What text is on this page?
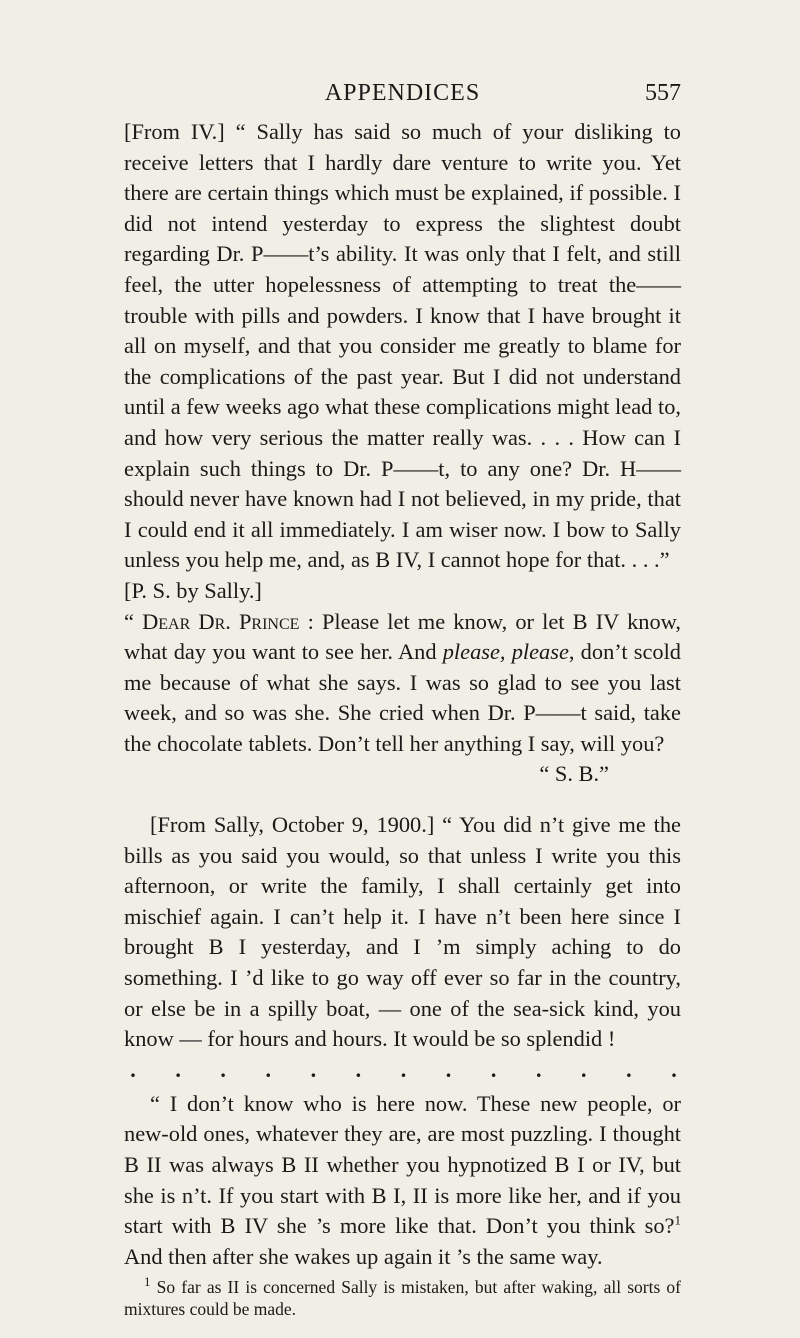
APPENDICES	557

[From IV.] “ Sally has said so much of your disliking to receive letters that I hardly dare venture to write you. Yet there are certain things which must be explained, if possible. I did not intend yesterday to express the slightest doubt regarding Dr. P——t’s ability. It was only that I felt, and still feel, the utter hopelessness of attempting to treat the—— trouble with pills and powders. I know that I have brought it all on myself, and that you consider me greatly to blame for the complications of the past year. But I did not understand until a few weeks ago what these complications might lead to, and how very serious the matter really was. . . . How can I explain such things to Dr. P——t, to any one? Dr. H—— should never have known had I not believed, in my pride, that I could end it all immediately. I am wiser now. I bow to Sally unless you help me, and, as B IV, I cannot hope for that. . . .”

[P. S. by Sally.]

“ Dear Dr. Prince : Please let me know, or let B IV know, what day you want to see her. And please, please, don’t scold me because of what she says. I was so glad to see you last week, and so was she. She cried when Dr. P——t said, take the chocolate tablets. Don’t tell her anything I say, will you?

“ S. B.”

[From Sally, October 9, 1900.] “ You did n’t give me the bills as you said you would, so that unless I write you this afternoon, or write the family, I shall certainly get into mischief again. I can’t help it. I have n’t been here since I brought B I yesterday, and I ’m simply aching to do something. I ’d like to go way off ever so far in the country, or else be in a spilly boat, — one of the sea-sick kind, you know — for hours and hours. It would be so splendid !

. . . . . . . . . . . . .

“ I don’t know who is here now. These new people, or new-old ones, whatever they are, are most puzzling. I thought B II was always B II whether you hypnotized B I or IV, but she is n’t. If you start with B I, II is more like her, and if you start with B IV she ’s more like that. Don’t you think so?$^1$ And then after she wakes up again it ’s the same way.

$^1$ So far as II is concerned Sally is mistaken, but after waking, all sorts of mixtures could be made.
